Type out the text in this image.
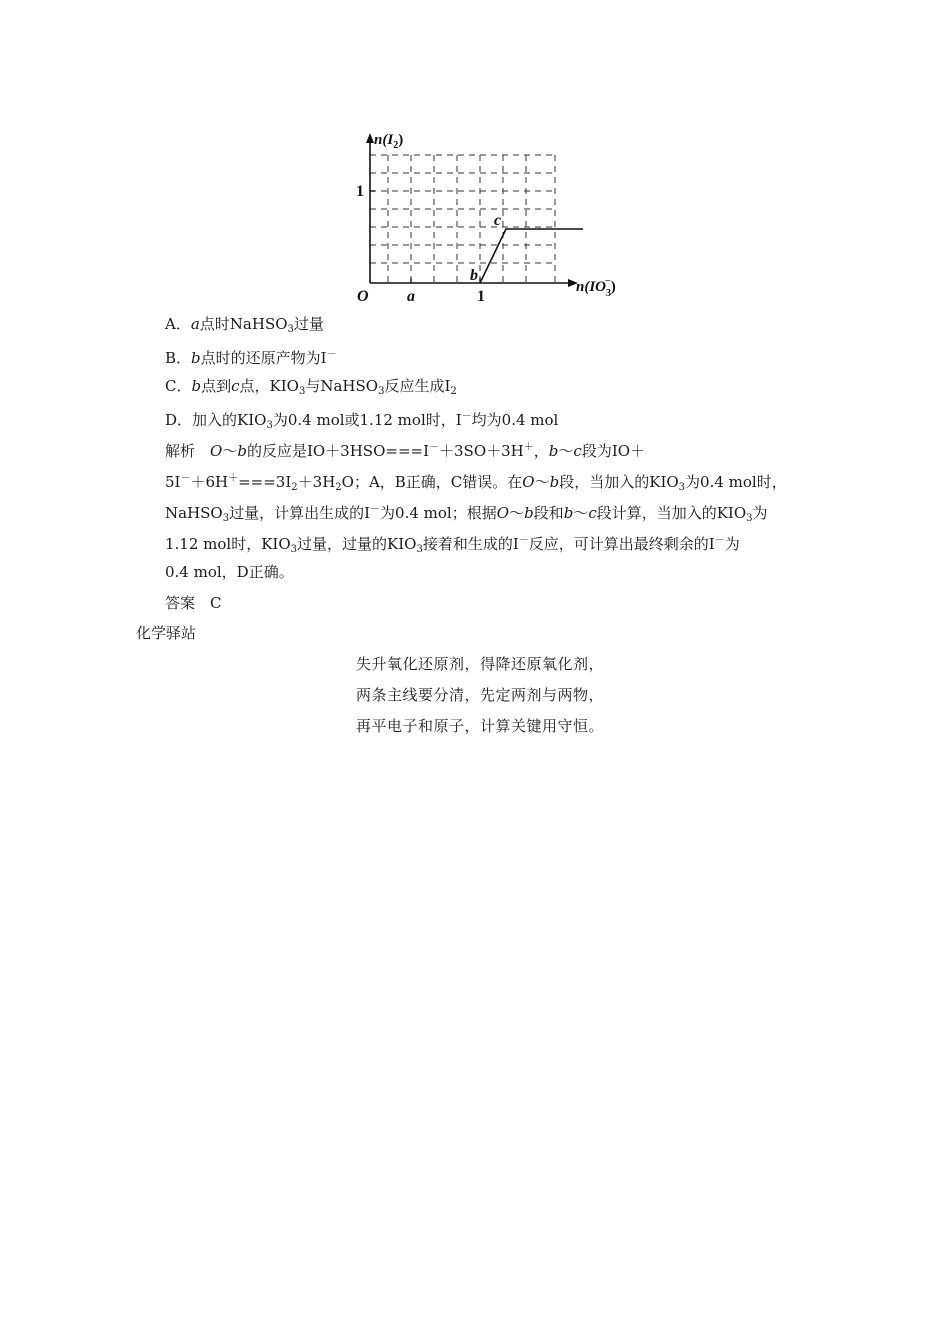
$n(I_2)$
$n(IO_3-)$
O a	1
1
b
c
A．a点时NaHSO$_3$过量
B．b点时的还原产物为I－
C．b点到c点，$KIO_3$与NaHSO$_3$反应生成$I_2$
D．加入的$KIO_3$为0.4 mol或1.12 mol时，I－均为0.4 mol
解析　O～b的反应是IO＋3HSO===I－＋3SO＋3H＋，b～c段为IO＋
$5I^-+6H^+===3I_2+3H_2O$；A，B正确，C错误。在O～b段，当加入的$KIO_3$为0.4 mol时，
NaHSO$_3$过量，计算出生成的I－为0.4 mol；根据O～b段和b～c段计算，当加入的$KIO_3$为
1.12 mol时，$KIO_3$过量，过量的$KIO_3$接着和生成的I－反应，可计算出最终剩余的I－为
0.4 mol，D正确。
答案　C
化学驿站
失升氧化还原剂，得降还原氧化剂，
两条主线要分清，先定两剂与两物，
再平电子和原子，计算关键用守恒。
